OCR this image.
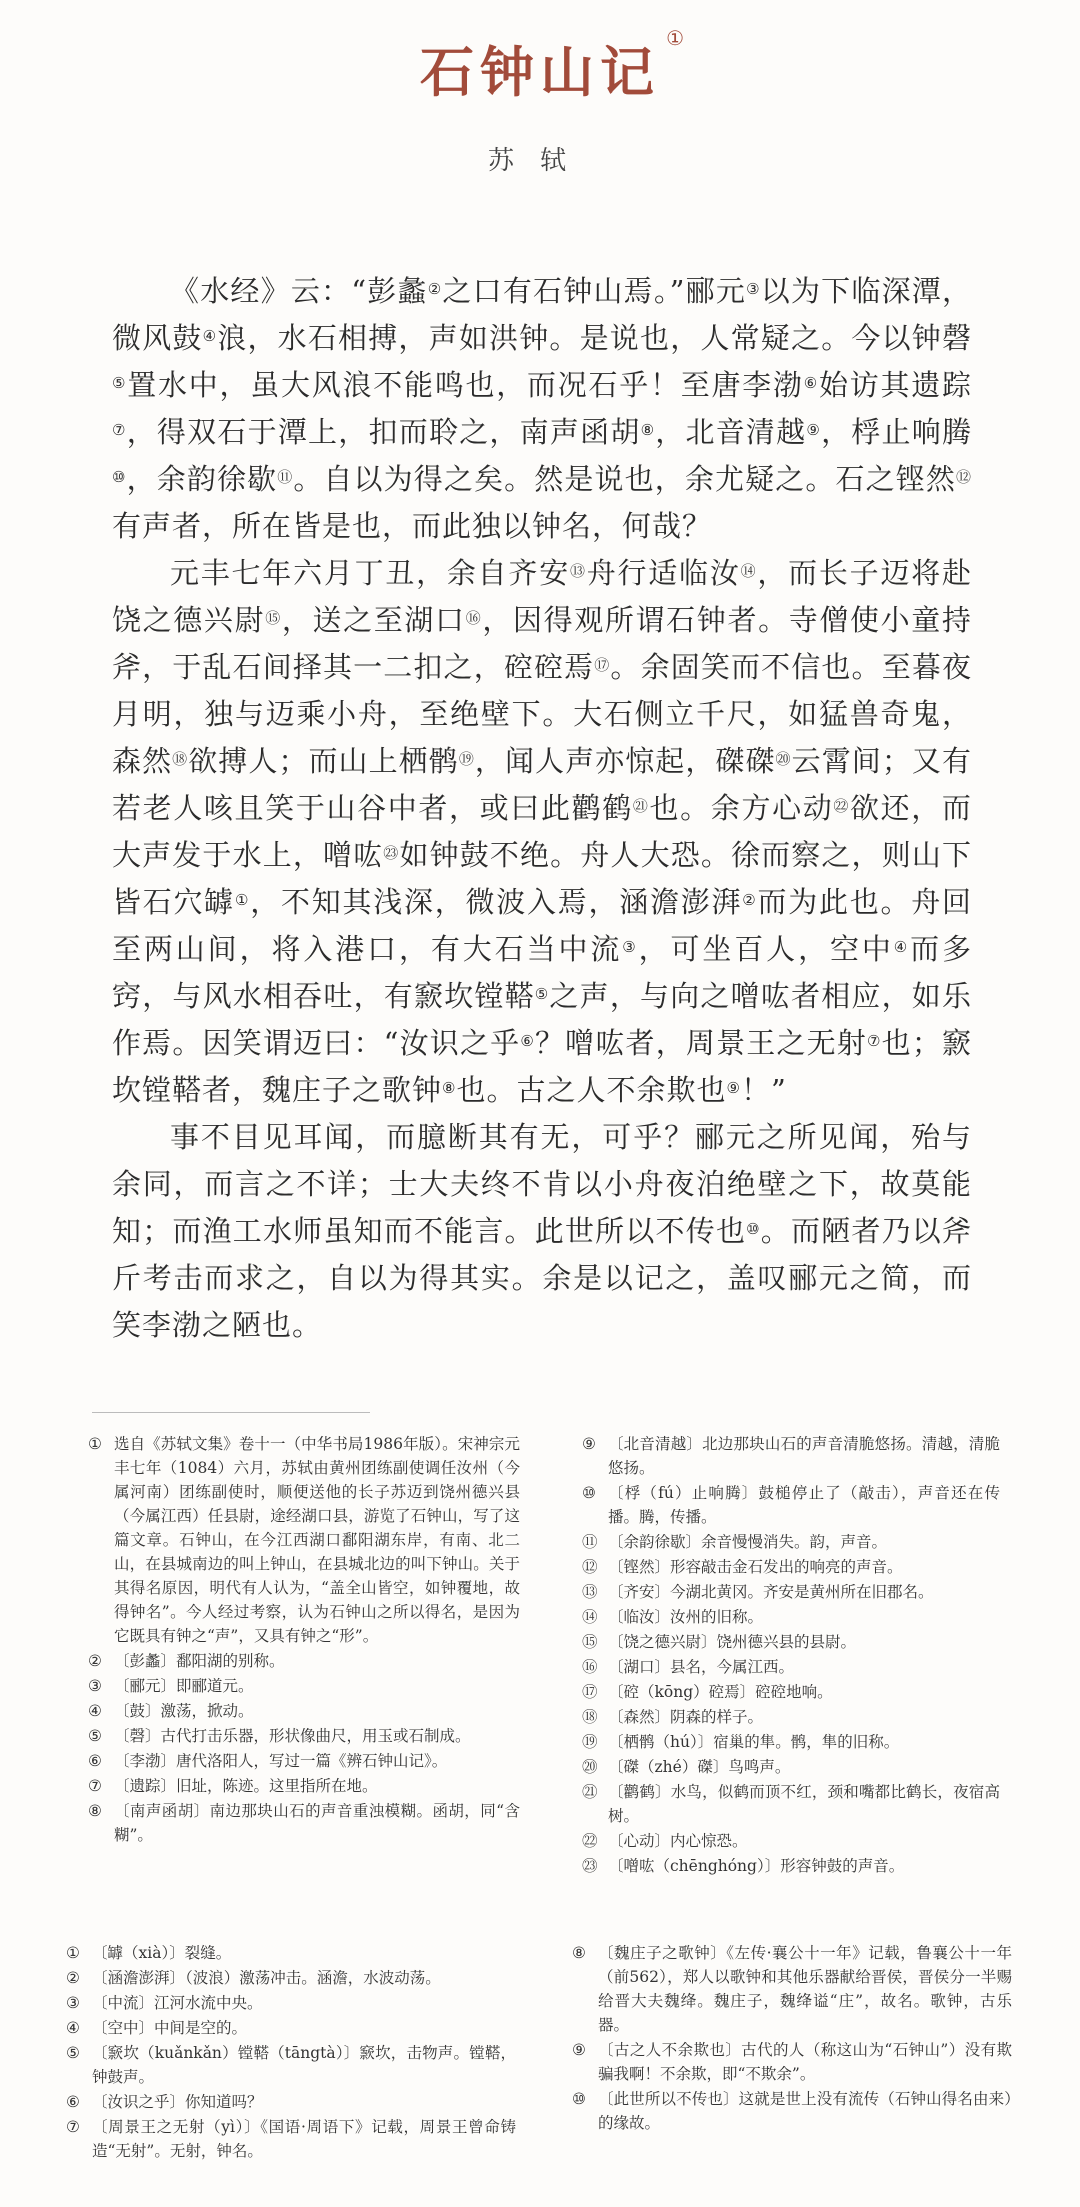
石钟山记
①
苏轼

《水经》云：“彭蠡②之口有石钟山焉。”郦元③以为下临深潭，微风鼓④浪，水石相搏，声如洪钟。是说也，人常疑之。今以钟磬⑤置水中，虽大风浪不能鸣也，而况石乎！至唐李渤⑥始访其遗踪⑦，得双石于潭上，扣而聆之，南声函胡⑧，北音清越⑨，桴止响腾⑩，余韵徐歇⑪。自以为得之矣。然是说也，余尤疑之。石之铿然⑫有声者，所在皆是也，而此独以钟名，何哉？

元丰七年六月丁丑，余自齐安⑬舟行适临汝⑭，而长子迈将赴饶之德兴尉⑮，送之至湖口⑯，因得观所谓石钟者。寺僧使小童持斧，于乱石间择其一二扣之，硿硿焉⑰。余固笑而不信也。至暮夜月明，独与迈乘小舟，至绝壁下。大石侧立千尺，如猛兽奇鬼，森然⑱欲搏人；而山上栖鹘⑲，闻人声亦惊起，磔磔⑳云霄间；又有若老人咳且笑于山谷中者，或曰此鹳鹤$^㉑$也。余方心动$^㉒$欲还，而大声发于水上，噌吰$^㉓$如钟鼓不绝。舟人大恐。徐而察之，则山下皆石穴罅①，不知其浅深，微波入焉，涵澹澎湃②而为此也。舟回至两山间，将入港口，有大石当中流③，可坐百人，空中④而多窍，与风水相吞吐，有窾坎镗鞳⑤之声，与向之噌吰者相应，如乐作焉。因笑谓迈曰：“汝识之乎⑥？噌吰者，周景王之无射⑦也；窾坎镗鞳者，魏庄子之歌钟⑧也。古之人不余欺也⑨！”

事不目见耳闻，而臆断其有无，可乎？郦元之所见闻，殆与余同，而言之不详；士大夫终不肯以小舟夜泊绝壁之下，故莫能知；而渔工水师虽知而不能言。此世所以不传也⑩。而陋者乃以斧斤考击而求之，自以为得其实。余是以记之，盖叹郦元之简，而笑李渤之陋也。

① 选自《苏轼文集》卷十一（中华书局1986年版）。宋神宗元丰七年（1084）六月，苏轼由黄州团练副使调任汝州（今属河南）团练副使时，顺便送他的长子苏迈到饶州德兴县（今属江西）任县尉，途经湖口县，游览了石钟山，写了这篇文章。石钟山，在今江西湖口鄱阳湖东岸，有南、北二山，在县城南边的叫上钟山，在县城北边的叫下钟山。关于其得名原因，明代有人认为，“盖全山皆空，如钟覆地，故得钟名”。今人经过考察，认为石钟山之所以得名，是因为它既具有钟之“声”，又具有钟之“形”。
② 〔彭蠡〕鄱阳湖的别称。
③ 〔郦元〕即郦道元。
④ 〔鼓〕激荡，掀动。
⑤ 〔磬〕古代打击乐器，形状像曲尺，用玉或石制成。
⑥ 〔李渤〕唐代洛阳人，写过一篇《辨石钟山记》。
⑦ 〔遗踪〕旧址，陈迹。这里指所在地。
⑧ 〔南声函胡〕南边那块山石的声音重浊模糊。函胡，同“含糊”。
⑨ 〔北音清越〕北边那块山石的声音清脆悠扬。清越，清脆悠扬。
⑩ 〔桴（fú）止响腾〕鼓槌停止了（敲击），声音还在传播。腾，传播。
⑪ 〔余韵徐歇〕余音慢慢消失。韵，声音。
⑫ 〔铿然〕形容敲击金石发出的响亮的声音。
⑬ 〔齐安〕今湖北黄冈。齐安是黄州所在旧郡名。
⑭ 〔临汝〕汝州的旧称。
⑮ 〔饶之德兴尉〕饶州德兴县的县尉。
⑯ 〔湖口〕县名，今属江西。
⑰ 〔硿（kōng）硿焉〕硿硿地响。
⑱ 〔森然〕阴森的样子。
⑲ 〔栖鹘（hú）〕宿巢的隼。鹘，隼的旧称。
⑳ 〔磔（zhé）磔〕鸟鸣声。
㉑ 〔鹳鹤〕水鸟，似鹤而顶不红，颈和嘴都比鹤长，夜宿高树。
㉒ 〔心动〕内心惊恐。
㉓ 〔噌吰（chēnghóng）〕形容钟鼓的声音。
① 〔罅（xià）〕裂缝。
② 〔涵澹澎湃〕（波浪）激荡冲击。涵澹，水波动荡。
③ 〔中流〕江河水流中央。
④ 〔空中〕中间是空的。
⑤ 〔窾坎（kuǎnkǎn）镗鞳（tāngtà）〕窾坎，击物声。镗鞳，钟鼓声。
⑥ 〔汝识之乎〕你知道吗？
⑦ 〔周景王之无射（yì）〕《国语·周语下》记载，周景王曾命铸造“无射”。无射，钟名。
⑧ 〔魏庄子之歌钟〕《左传·襄公十一年》记载，鲁襄公十一年（前562），郑人以歌钟和其他乐器献给晋侯，晋侯分一半赐给晋大夫魏绛。魏庄子，魏绛谥“庄”，故名。歌钟，古乐器。
⑨ 〔古之人不余欺也〕古代的人（称这山为“石钟山”）没有欺骗我啊！不余欺，即“不欺余”。
⑩ 〔此世所以不传也〕这就是世上没有流传（石钟山得名由来）的缘故。
